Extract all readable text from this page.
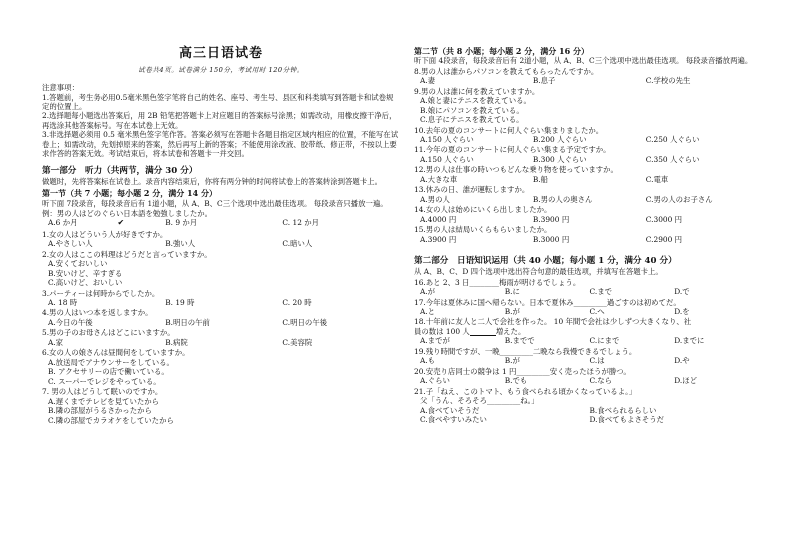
高三日语试卷
试卷共4页。试卷满分 150分，考试用时 120分钟。
注意事项：
1.答题前，考生务必用0.5毫米黑色签字笔将自己的姓名、座号、考生号、县区和科类填写到答题卡和试卷规定的位置上。
2.选择题每小题选出答案后，用 2B 铅笔把答题卡上对应题目的答案标号涂黑；如需改动，用橡皮擦干净后，再选涂其他答案标号。写在本试卷上无效。
3.非选择题必须用 0.5 毫米黑色签字笔作答。答案必须写在答题卡各题目指定区域内相应的位置，不能写在试卷上；如需改动，先划掉原来的答案，然后再写上新的答案；不能使用涂改液、胶带纸、修正带，不按以上要求作答的答案无效。考试结束后，将本试卷和答题卡一并交回。
第一部分　听力（共两节，满分 30 分）
做题时，先将答案标在试卷上。录音内容结束后，你将有两分钟的时间将试卷上的答案转涂到答题卡上。
第一节（共 7 小题；每小题 2 分，满分 14 分）
听下面 7段录音，每段录音后有 1道小题，从 A、B、C三个选项中选出最佳选项。 每段录音只播放一遍。
例：男の人はどのぐらい日本語を勉強しましたか。
A.6 か月	✔	B. 9 か月	C. 12 か月
1.女の人はどういう人が好きですか。
A.やさしい人	B.強い人	C.暗い人
2.女の人はここの料理はどうだと言っていますか。
A.安くておいしい
B.安いけど、辛すぎる
C.高いけど、おいしい
3.パーティーは何時からでしたか。
A. 18 時	B. 19 時	C. 20 時
4.男の人はいつ本を返しますか。
A.今日の午後	B.明日の午前	C.明日の午後
5.男の子のお母さんはどこにいますか。
A.家	B.病院	C.美容院
6.女の人の娘さんは昼間何をしていますか。
A.放送局でアナウンサーをしている。
B. アクセサリーの店で働いている。
C. スーパーでレジをやっている。
7. 男の人はどうして眠いのですか。
A.遅くまでテレビを見ていたから
B.隣の部屋がうるさかったから
C.隣の部屋でカラオケをしていたから
第二节（共 8 小题；每小题 2 分，满分 16 分）
听下面 4段录音，每段录音后有 2道小题，从 A、B、C三个选项中选出最佳选项。 每段录音播放两遍。
8.男の人は誰からパソコンを教えてもらったんですか。
A.妻	B.息子	C.学校の先生
9.男の人は誰に何を教えていますか。
A.娘と妻にテニスを教えている。
B.娘にパソコンを教えている。
C.息子にテニスを教えている。
10.去年の夏のコンサートに何人ぐらい集まりましたか。
A.150 人ぐらい	B.200 人ぐらい	C.250 人ぐらい
11.今年の夏のコンサートに何人ぐらい集まる予定ですか。
A.150 人ぐらい	B.300 人ぐらい	C.350 人ぐらい
12.男の人は仕事の時いつもどんな乗り物を使っていますか。
A.大きな車	B.船	C.電車
13.休みの日、誰が運転しますか。
A.男の人	B.男の人の奥さん	C.男の人のお子さん
14.女の人は始めにいくら出しましたか。
A.4000 円	B.3900 円	C.3000 円
15.男の人は結局いくらもらいましたか。
A.3900 円	B.3000 円	C.2900 円
第二部分　日语知识运用（共 40 小题；每小题 1 分，满分 40 分）
从 A、B、C、D 四个选项中选出符合句意的最佳选项，并填写在答题卡上。
16.あと 2、3 日________梅雨が明けるでしょう。
A.が	B.に	C.まで	D.で
17.今年は夏休みに国へ帰らない。日本で夏休み_________過ごすのは初めてだ。
A.と	B.が	C.へ	D.を
18.十年前に友人と二人で会社を作った。 10 年間で会社は少しずつ大きくなり、社
員の数は 100 人	増えた。
A.までが	B.までで	C.にまで	D.までに
19.残り時間ですが、一晩_________二晩なら我慢できるでしょう。
A.も	B.が	C.は	D.や
20.安売り店同士の競争は 1 円_________安く売ったほうが勝つ。
A.ぐらい	B.でも	C.なら	D.ほど
21.子「ねえ、このトマト、もう食べられる頃かくなっているよ。」
父「うん、そろそろ_________ね。」
A.食べていそうだ	B.食べられるらしい
C.食べやすいみたい	D.食べてもよさそうだ
